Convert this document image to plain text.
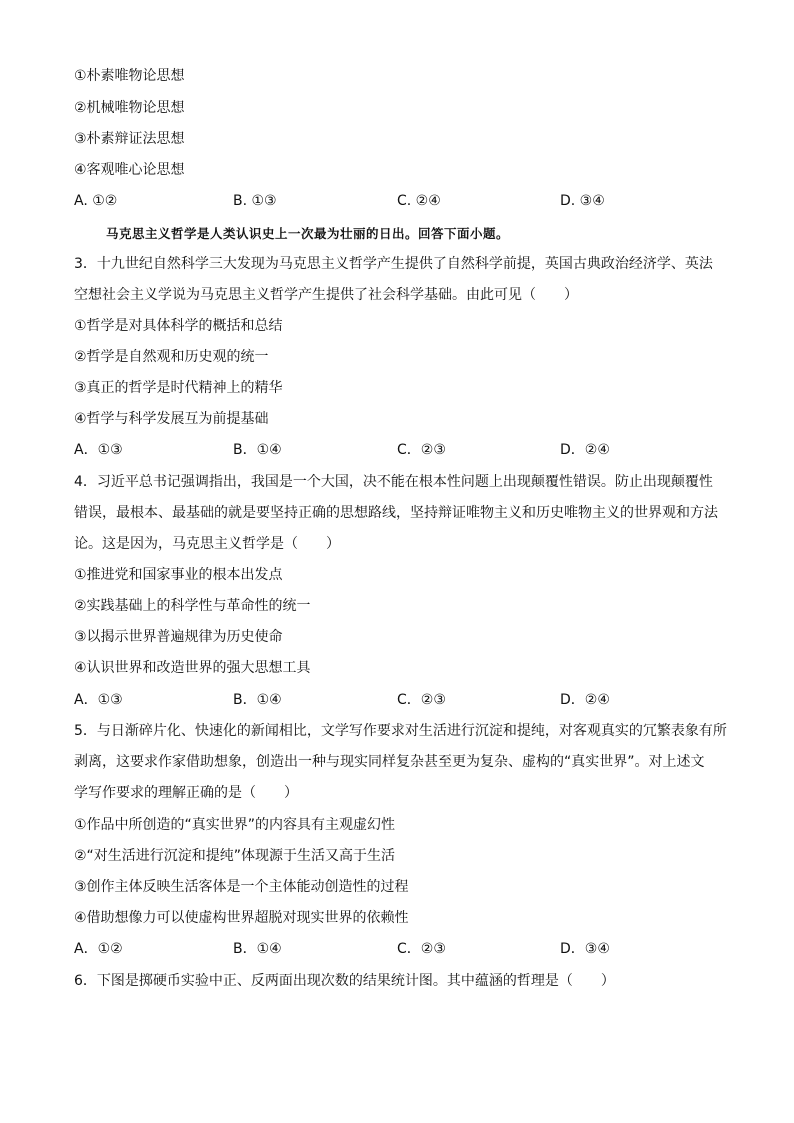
①朴素唯物论思想
②机械唯物论思想
③朴素辩证法思想
④客观唯心论思想
A. ①②	B. ①③	C. ②④	D. ③④
马克思主义哲学是人类认识史上一次最为壮丽的日出。回答下面小题。
3．十九世纪自然科学三大发现为马克思主义哲学产生提供了自然科学前提，英国古典政治经济学、英法
空想社会主义学说为马克思主义哲学产生提供了社会科学基础。由此可见（　　）
①哲学是对具体科学的概括和总结
②哲学是自然观和历史观的统一
③真正的哲学是时代精神上的精华
④哲学与科学发展互为前提基础
A．①③	B．①④	C．②③	D．②④
4．习近平总书记强调指出，我国是一个大国，决不能在根本性问题上出现颠覆性错误。防止出现颠覆性
错误，最根本、最基础的就是要坚持正确的思想路线，坚持辩证唯物主义和历史唯物主义的世界观和方法
论。这是因为，马克思主义哲学是（　　）
①推进党和国家事业的根本出发点
②实践基础上的科学性与革命性的统一
③以揭示世界普遍规律为历史使命
④认识世界和改造世界的强大思想工具
A．①③	B．①④	C．②③	D．②④
5．与日渐碎片化、快速化的新闻相比，文学写作要求对生活进行沉淀和提纯，对客观真实的冗繁表象有所
剥离，这要求作家借助想象，创造出一种与现实同样复杂甚至更为复杂、虚构的“真实世界”。对上述文
学写作要求的理解正确的是（　　）
①作品中所创造的“真实世界”的内容具有主观虚幻性
②“对生活进行沉淀和提纯”体现源于生活又高于生活
③创作主体反映生活客体是一个主体能动创造性的过程
④借助想像力可以使虚构世界超脱对现实世界的依赖性
A．①②	B．①④	C．②③	D．③④
6．下图是掷硬币实验中正、反两面出现次数的结果统计图。其中蕴涵的哲理是（　　）
